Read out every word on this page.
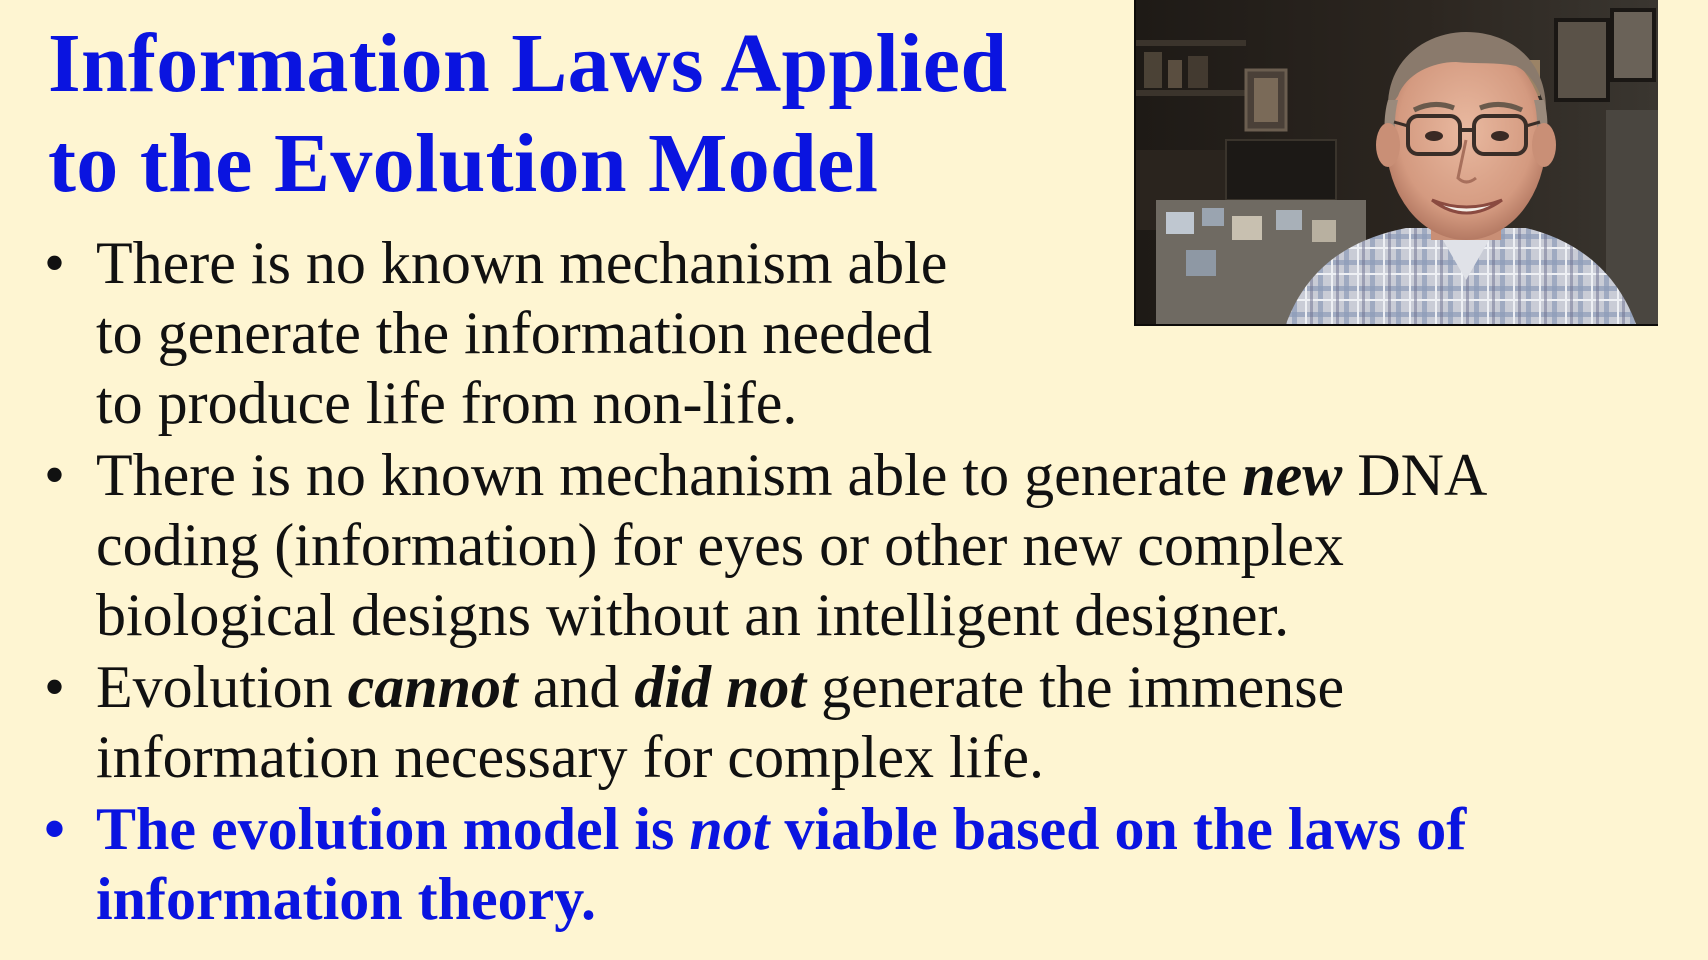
Information Laws Applied
to the Evolution Model
• There is no known mechanism able
to generate the information needed
to produce life from non-life.
• There is no known mechanism able to generate new DNA
coding (information) for eyes or other new complex
biological designs without an intelligent designer.
• Evolution cannot and did not generate the immense
information necessary for complex life.
• The evolution model is not viable based on the laws of
information theory.
